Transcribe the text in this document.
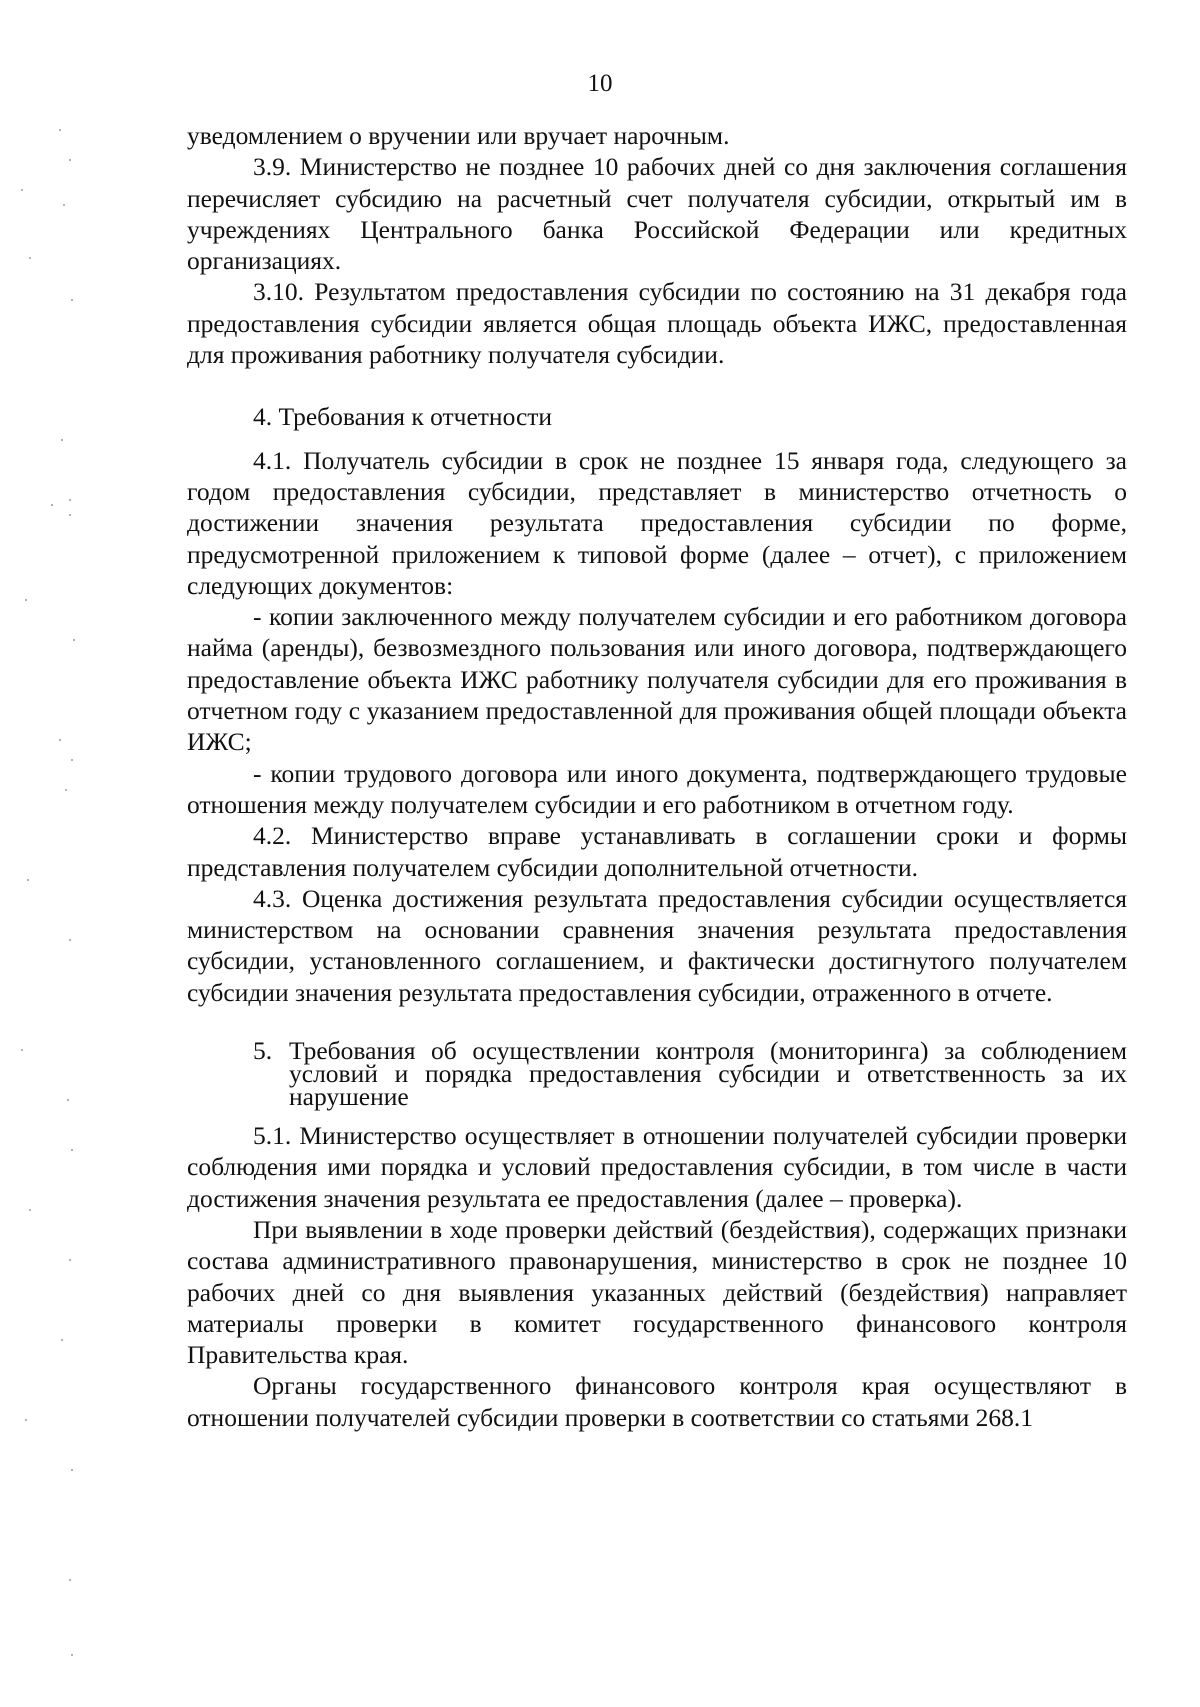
10

уведомлением о вручении или вручает нарочным.

3.9. Министерство не позднее 10 рабочих дней со дня заключения соглашения перечисляет субсидию на расчетный счет получателя субсидии, открытый им в учреждениях Центрального банка Российской Федерации или кредитных организациях.

3.10. Результатом предоставления субсидии по состоянию на 31 декабря года предоставления субсидии является общая площадь объекта ИЖС, предоставленная для проживания работнику получателя субсидии.

4. Требования к отчетности

4.1. Получатель субсидии в срок не позднее 15 января года, следующего за годом предоставления субсидии, представляет в министерство отчетность о достижении значения результата предоставления субсидии по форме, предусмотренной приложением к типовой форме (далее – отчет), с приложением следующих документов:

- копии заключенного между получателем субсидии и его работником договора найма (аренды), безвозмездного пользования или иного договора, подтверждающего предоставление объекта ИЖС работнику получателя субсидии для его проживания в отчетном году с указанием предоставленной для проживания общей площади объекта ИЖС;

- копии трудового договора или иного документа, подтверждающего трудовые отношения между получателем субсидии и его работником в отчетном году.

4.2. Министерство вправе устанавливать в соглашении сроки и формы представления получателем субсидии дополнительной отчетности.

4.3. Оценка достижения результата предоставления субсидии осуществляется министерством на основании сравнения значения результата предоставления субсидии, установленного соглашением, и фактически достигнутого получателем субсидии значения результата предоставления субсидии, отраженного в отчете.

5. Требования об осуществлении контроля (мониторинга) за соблюдением условий и порядка предоставления субсидии и ответственность за их нарушение

5.1. Министерство осуществляет в отношении получателей субсидии проверки соблюдения ими порядка и условий предоставления субсидии, в том числе в части достижения значения результата ее предоставления (далее – проверка).

При выявлении в ходе проверки действий (бездействия), содержащих признаки состава административного правонарушения, министерство в срок не позднее 10 рабочих дней со дня выявления указанных действий (бездействия) направляет материалы проверки в комитет государственного финансового контроля Правительства края.

Органы государственного финансового контроля края осуществляют в отношении получателей субсидии проверки в соответствии со статьями 268.1
